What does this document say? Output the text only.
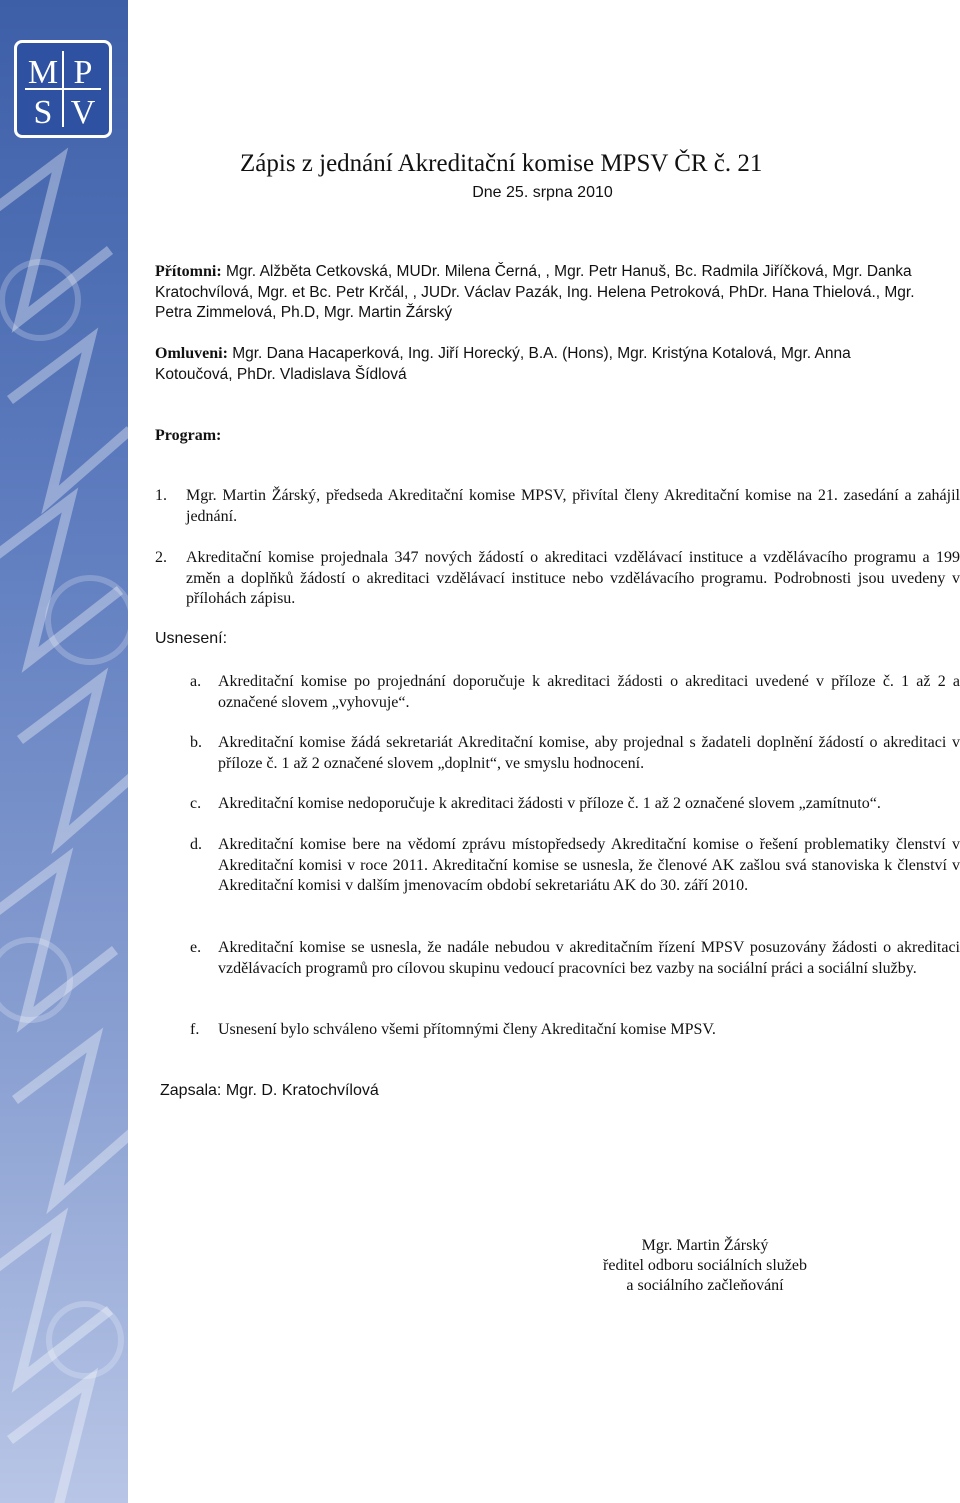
M P
S V
Zápis z jednání Akreditační komise MPSV ČR č. 21
Dne 25. srpna 2010
Přítomni: Mgr. Alžběta Cetkovská, MUDr. Milena Černá, , Mgr. Petr Hanuš, Bc. Radmila Jiříčková, Mgr. Danka Kratochvílová, Mgr. et Bc. Petr Krčál, , JUDr. Václav Pazák, Ing. Helena Petroková, PhDr. Hana Thielová., Mgr. Petra Zimmelová, Ph.D, Mgr. Martin Žárský
Omluveni: Mgr. Dana Hacaperková, Ing. Jiří Horecký, B.A. (Hons), Mgr. Kristýna Kotalová, Mgr. Anna Kotoučová, PhDr. Vladislava Šídlová
Program:
1. Mgr. Martin Žárský, předseda Akreditační komise MPSV, přivítal členy Akreditační komise na 21. zasedání a zahájil jednání.
2. Akreditační komise projednala 347 nových žádostí o akreditaci vzdělávací instituce a vzdělávacího programu a 199 změn a doplňků žádostí o akreditaci vzdělávací instituce nebo vzdělávacího programu. Podrobnosti jsou uvedeny v přílohách zápisu.
Usnesení:
a. Akreditační komise po projednání doporučuje k akreditaci žádosti o akreditaci uvedené v příloze č. 1 až 2 a označené slovem „vyhovuje“.
b. Akreditační komise žádá sekretariát Akreditační komise, aby projednal s žadateli doplnění žádostí o akreditaci v příloze č. 1 až 2 označené slovem „doplnit“, ve smyslu hodnocení.
c. Akreditační komise nedoporučuje k akreditaci žádosti v příloze č. 1 až 2 označené slovem „zamítnuto“.
d. Akreditační komise bere na vědomí zprávu místopředsedy Akreditační komise o řešení problematiky členství v Akreditační komisi v roce 2011. Akreditační komise se usnesla, že členové AK zašlou svá stanoviska k členství v Akreditační komisi v dalším jmenovacím období sekretariátu AK do 30. září 2010.
e. Akreditační komise se usnesla, že nadále nebudou v akreditačním řízení MPSV posuzovány žádosti o akreditaci vzdělávacích programů pro cílovou skupinu vedoucí pracovníci bez vazby na sociální práci a sociální služby.
f. Usnesení bylo schváleno všemi přítomnými členy Akreditační komise MPSV.
Zapsala: Mgr. D. Kratochvílová
Mgr. Martin Žárský
ředitel odboru sociálních služeb
a sociálního začleňování
